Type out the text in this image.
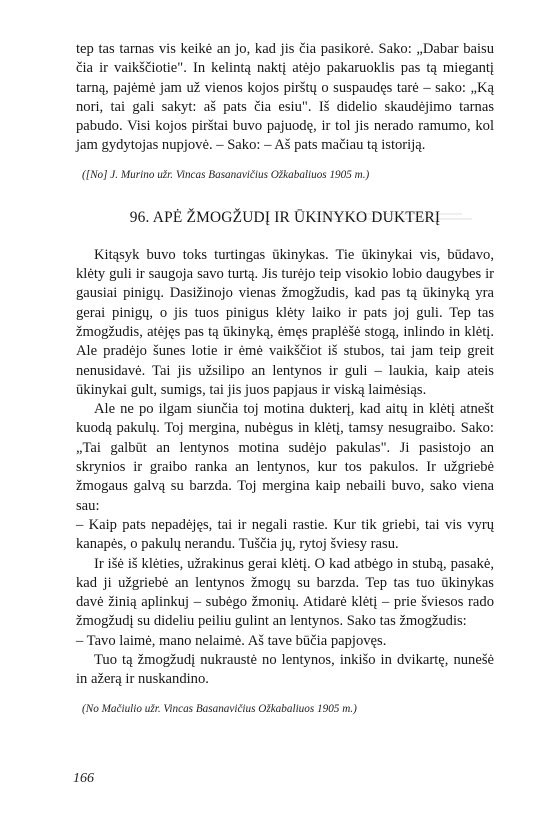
tep tas tarnas vis keikė an jo, kad jis čia pasikorė. Sako: „Dabar baisu čia ir vaikščiotie". In kelintą naktį atėjo pakaruoklis pas tą miegantį tarną, pajėmė jam už vienos kojos pirštų o suspaudęs tarė – sako: „Ką nori, tai gali sakyt: aš pats čia esiu". Iš didelio skaudėjimo tarnas pabudo. Visi kojos pirštai buvo pajuodę, ir tol jis nerado ramumo, kol jam gydytojas nupjovė. – Sako: – Aš pats mačiau tą istoriją.

([No] J. Murino užr. Vincas Basanavičius Ožkabaliuos 1905 m.)

96. APĖ ŽMOGŽUDĮ IR ŪKINYKO DUKTERĮ

Kitąsyk buvo toks turtingas ūkinykas. Tie ūkinykai vis, būdavo, klėty guli ir saugoja savo turtą. Jis turėjo teip visokio lobio daugybes ir gausiai pinigų. Dasižinojo vienas žmogžudis, kad pas tą ūkinyką yra gerai pinigų, o jis tuos pinigus klėty laiko ir pats joj guli. Tep tas žmogžudis, atėjęs pas tą ūkinyką, ėmęs praplėšė stogą, inlindo in klėtį. Ale pradėjo šunes lotie ir ėmė vaikščiot iš stubos, tai jam teip greit nenusidavė. Tai jis užsilipo an lentynos ir guli – laukia, kaip ateis ūkinykai gult, sumigs, tai jis juos papjaus ir viską laimėsiąs.

Ale ne po ilgam siunčia toj motina dukterį, kad aitų in klėtį atnešt kuodą pakulų. Toj mergina, nubėgus in klėtį, tamsy nesugraibo. Sako: „Tai galbūt an lentynos motina sudėjo pakulas". Ji pasistojo an skrynios ir graibo ranka an lentynos, kur tos pakulos. Ir užgriebė žmogaus galvą su barzda. Toj mergina kaip nebaili buvo, sako viena sau:

– Kaip pats nepadėjęs, tai ir negali rastie. Kur tik griebi, tai vis vyrų kanapės, o pakulų nerandu. Tuščia jų, rytoj šviesy rasu.

Ir išė iš klėties, užrakinus gerai klėtį. O kad atbėgo in stubą, pasakė, kad ji užgriebė an lentynos žmogų su barzda. Tep tas tuo ūkinykas davė žinią aplinkuj – subėgo žmonių. Atidarė klėtį – prie šviesos rado žmogžudį su dideliu peiliu gulint an lentynos. Sako tas žmogžudis:

– Tavo laimė, mano nelaimė. Aš tave būčia papjovęs.

Tuo tą žmogžudį nukraustė no lentynos, inkišo in dvikartę, nunešė in ažerą ir nuskandino.

(No Mačiulio užr. Vincas Basanavičius Ožkabaliuos 1905 m.)

166
